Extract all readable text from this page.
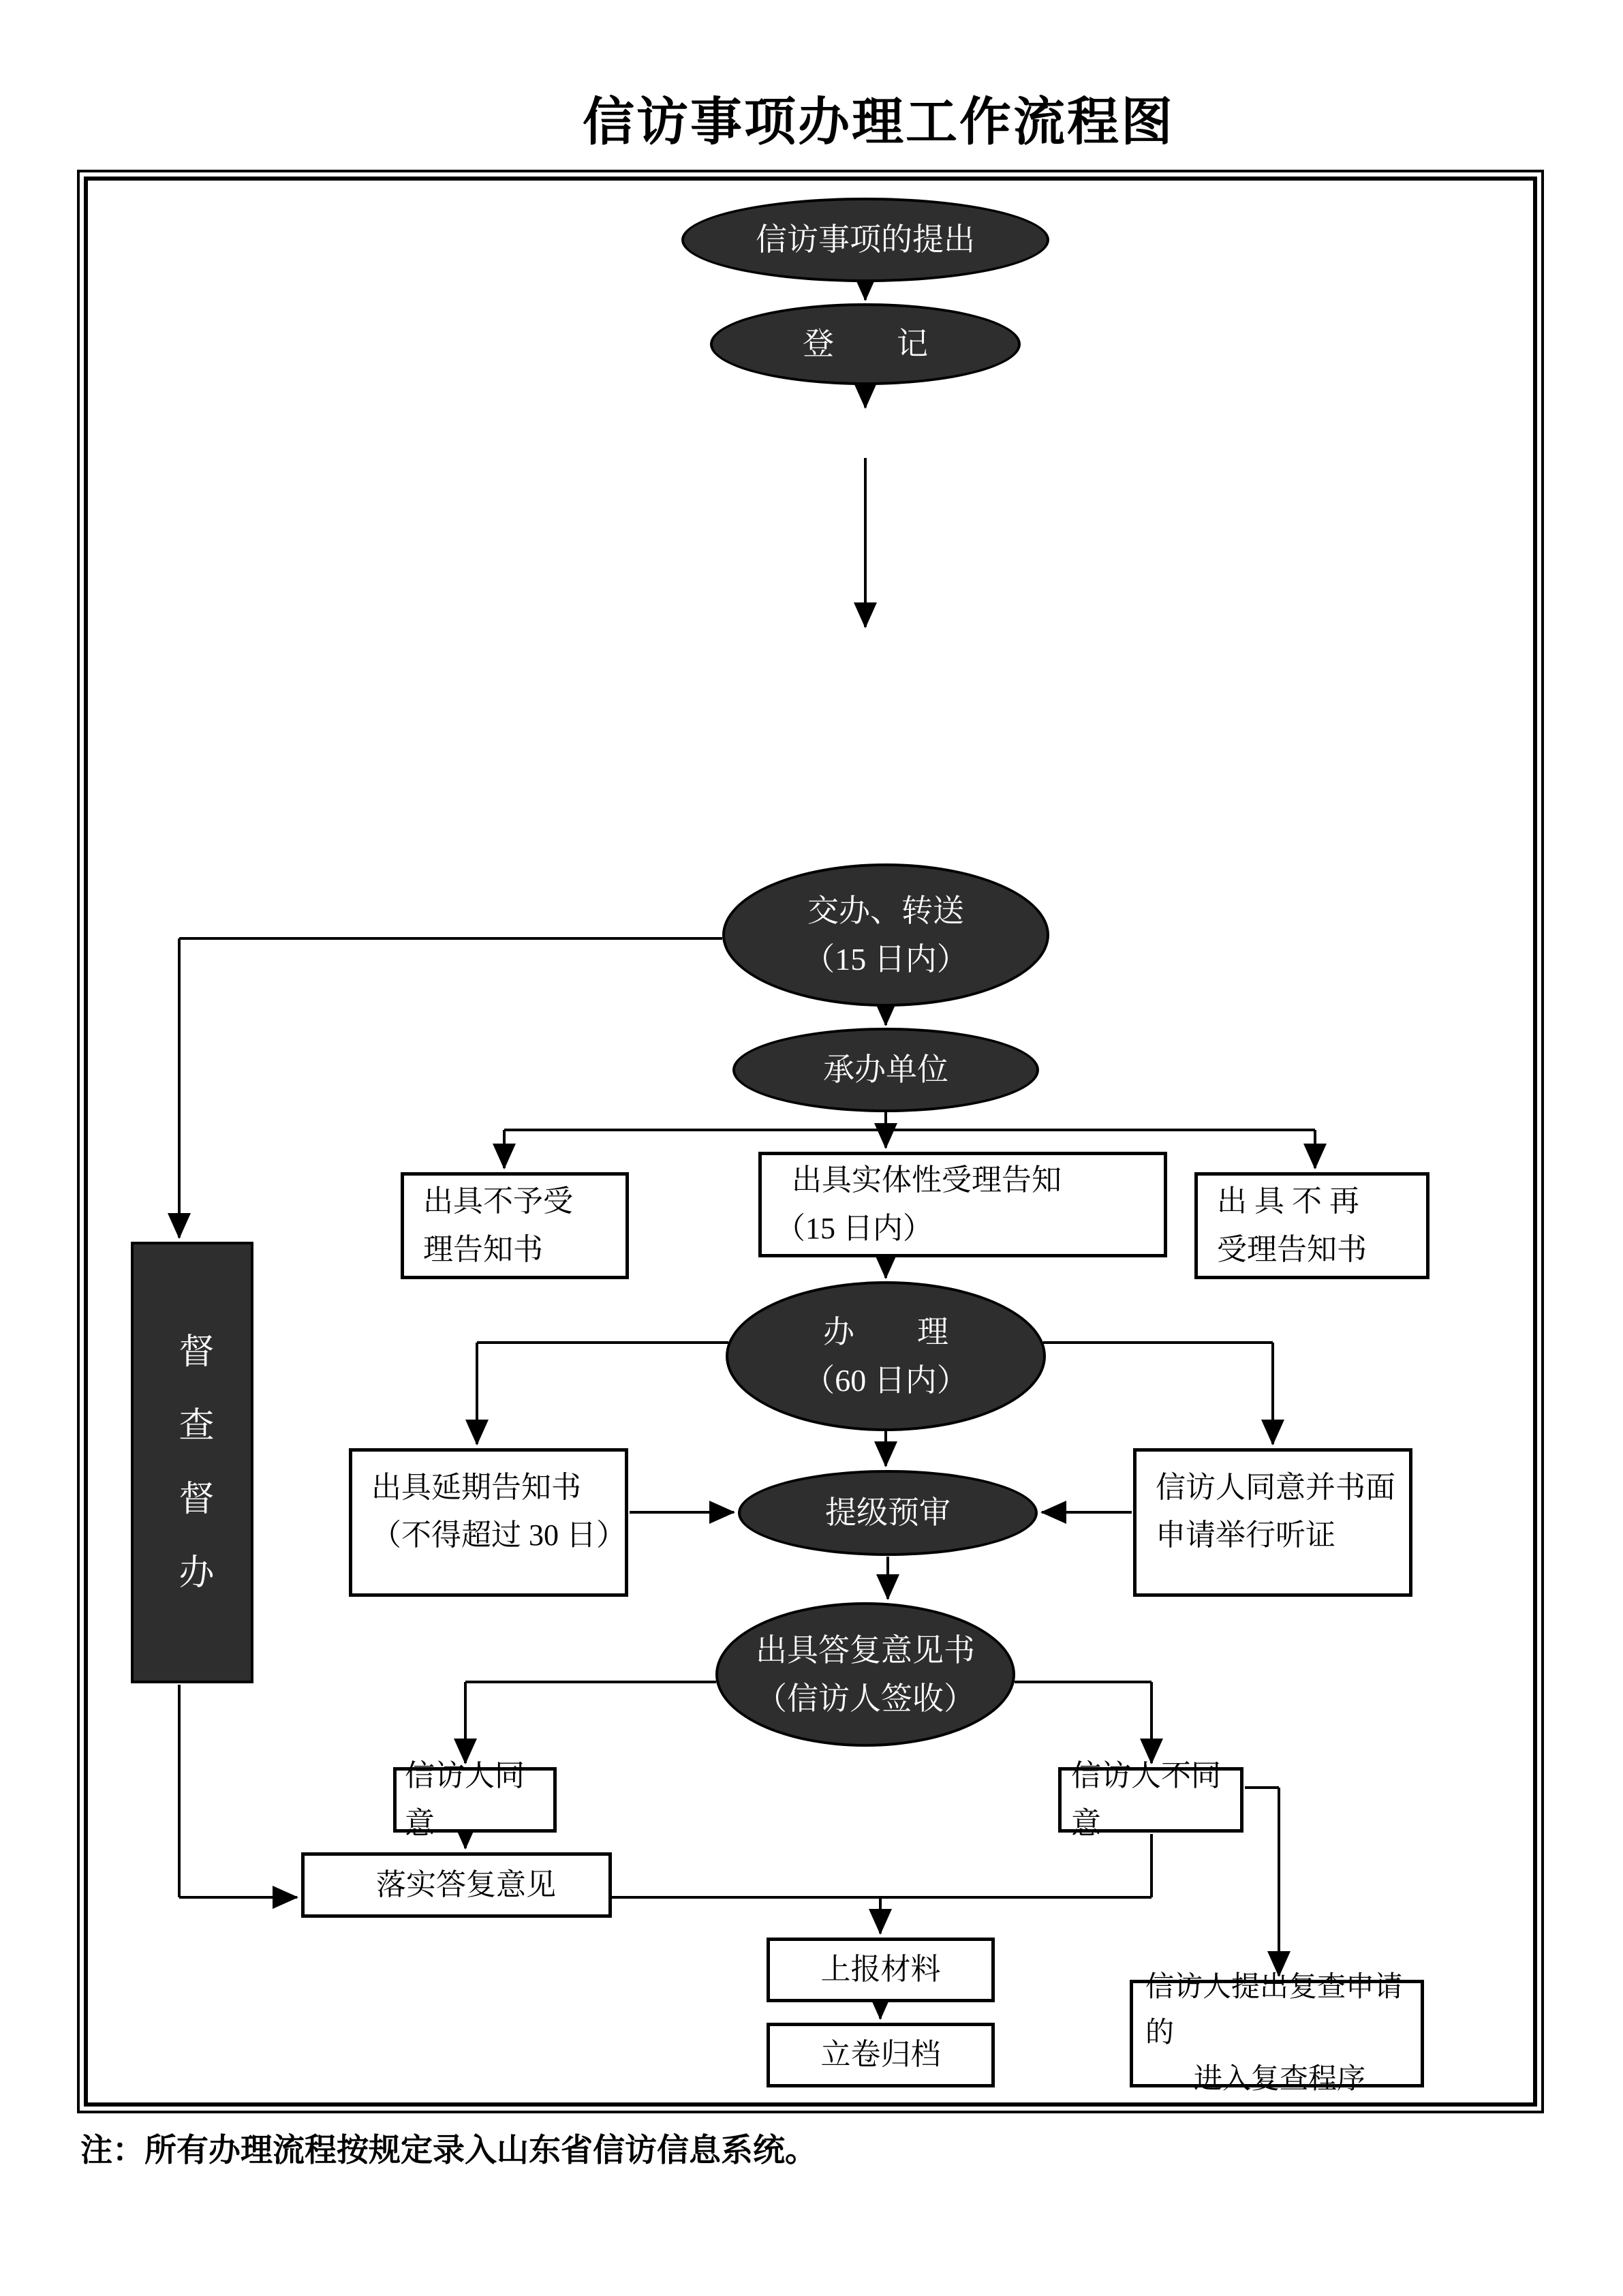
信访事项办理工作流程图
信访事项的提出
登　　记
交办、转送
（15 日内）
承办单位
出具不予受
理告知书
出具实体性受理告知
（15 日内）
出 具 不 再
受理告知书
办　　理
（60 日内）
出具延期告知书
（不得超过 30 日）
信访人同意并书面
申请举行听证
提级预审
出具答复意见书
（信访人签收）
信访人同意
信访人不同意
落实答复意见
上报材料
立卷归档
信访人提出复查申请的
进入复查程序
督查督办
注：所有办理流程按规定录入山东省信访信息系统。
